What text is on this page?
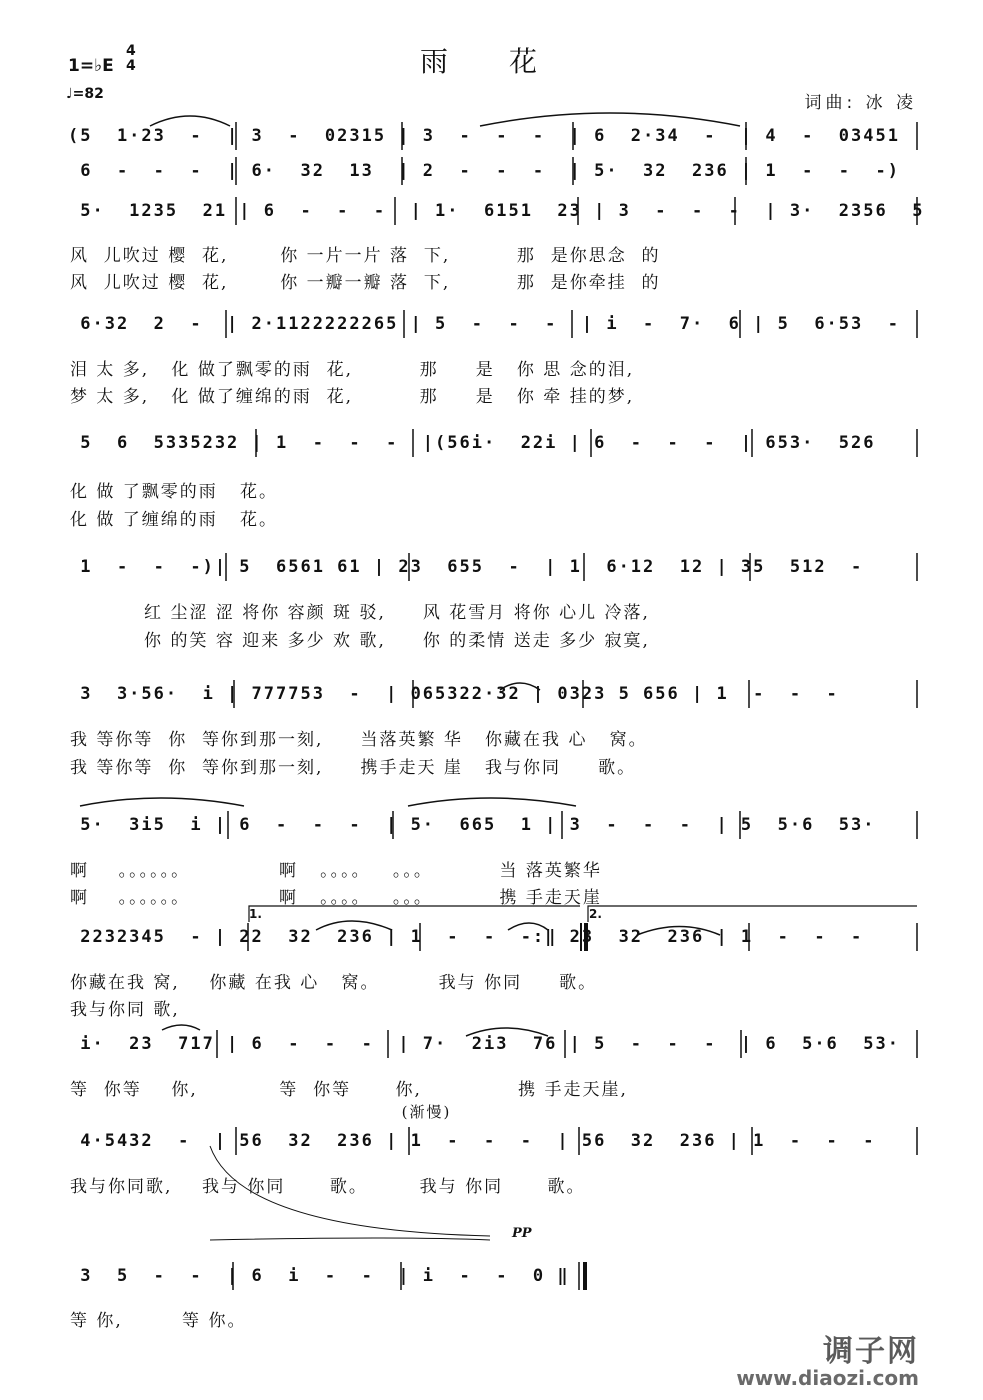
雨 花
1=♭E
4
4
♩=82	词曲: 冰 凌
(5  1·23  -  | 3  -  02315 | 3  -  -  -  | 6  2·34  -  | 4  -  03451
6  -  -  -  | 6·  32  13  | 2  -  -  -  | 5·  32  236 | 1  -  -  -)
5·  1235  21 | 6  -  -  -  | 1·  6151  23 | 3  -  -  -  | 3·  2356  5
6·32  2  -  | 2·1122222265 | 5  -  -  -  | i  -  7·  6 | 5  6·53  -
5  6  5335232 | 1  -  -  -  |(56i·  22i | 6  -  -  -  | 653·  526
1  -  -  -)| 5  6561 61 | 23  655  -  | 1  6·12  12 | 35  512  -
3  3·56·  i | 777753  -  | 065322·32 | 0323 5 656 | 1  -  -  -
5·  3i5  i | 6  -  -  -  | 5·  665  1 | 3  -  -  -  | 5  5·6  53·
2232345  - | 22  32  236 | 1  -  -  -:‖ 23  32  236 | 1  -  -  -
i·  23  717 | 6  -  -  -  | 7·  2i3  76 | 5  -  -  -  | 6  5·6  53·
4·5432  -  | 56  32  236 | 1  -  -  -  | 56  32  236 | 1  -  -  -
3  5  -  -  | 6  i  -  -  | i  -  -  0 ‖
风  儿吹过 樱  花,       你 一片一片 落  下,         那  是你思念  的
风  儿吹过 樱  花,       你 一瓣一瓣 落  下,         那  是你牵挂  的
泪 太 多,   化 做了飘零的雨  花,         那     是   你 思 念的泪,
梦 太 多,   化 做了缠绵的雨  花,         那     是   你 牵 挂的梦,
化 做 了飘零的雨   花。
化 做 了缠绵的雨   花。
红 尘涩 涩 将你 容颜 斑 驳,     风 花雪月 将你 心儿 冷落,
你 的笑 容 迎来 多少 欢 歌,     你 的柔情 送走 多少 寂寞,
我 等你等  你  等你到那一刻,     当落英繁 华   你藏在我 心   窝。
我 等你等  你  等你到那一刻,     携手走天 崖   我与你同     歌。
啊    。。。。。。            啊   。。。。   。。。         当 落英繁华
啊    。。。。。。            啊   。。。。   。。。         携 手走天崖
你藏在我 窝,    你藏 在我 心   窝。        我与 你同     歌。
我与你同 歌,
等  你等    你,           等  你等      你,             携 手走天崖,
(渐慢)
我与你同歌,    我与 你同      歌。       我与 你同      歌。
等 你,        等 你。
1.	2.
PP
调子网
www.diaozi.com
